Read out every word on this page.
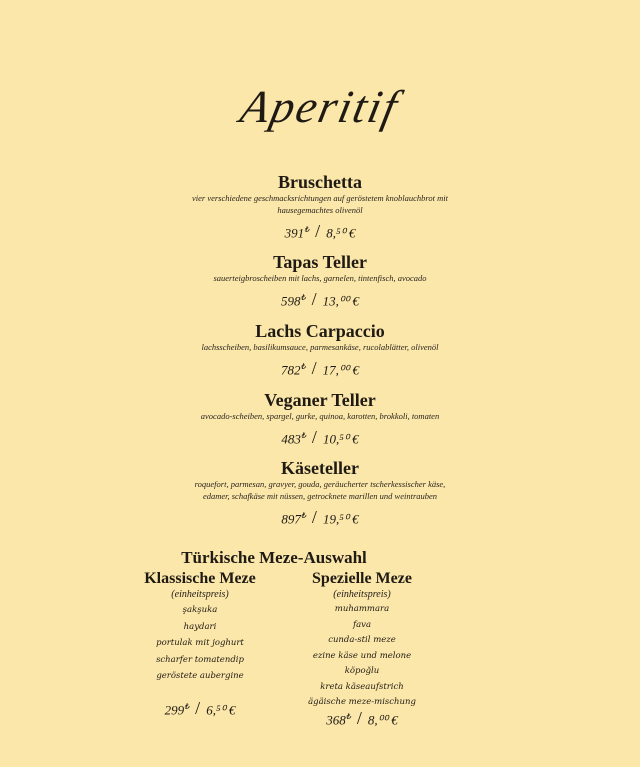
Aperitif
Bruschetta
vier verschiedene geschmacksrichtungen auf geröstetem knoblauchbrot mit
hausegemachtes olivenöl
391₺ / 8,⁵⁰ €
Tapas Teller
sauerteigbroscheiben mit lachs, garnelen, tintenfisch, avocado
598₺ / 13,⁰⁰ €
Lachs Carpaccio
lachsscheiben, basilikumsauce, parmesankäse, rucolablätter, olivenöl
782₺ / 17,⁰⁰ €
Veganer Teller
avocado-scheiben, spargel, gurke, quinoa, karotten, brokkoli, tomaten
483₺ / 10,⁵⁰ €
Käseteller
roquefort, parmesan, gravyer, gouda, geräucherter tscherkessischer käse,
edamer, schafkäse mit nüssen, getrocknete marillen und weintrauben
897₺ / 19,⁵⁰ €
Türkische Meze-Auswahl
Klassische Meze
(einheitspreis)
şakşuka
haydari
portulak mit joghurt
scharfer tomatendip
geröstete aubergine
299₺ / 6,⁵⁰ €
Spezielle Meze
(einheitspreis)
muhammara
fava
cunda-stil meze
ezine käse und melone
köpoğlu
kreta käseaufstrich
ägäische meze-mischung
368₺ / 8,⁰⁰ €
